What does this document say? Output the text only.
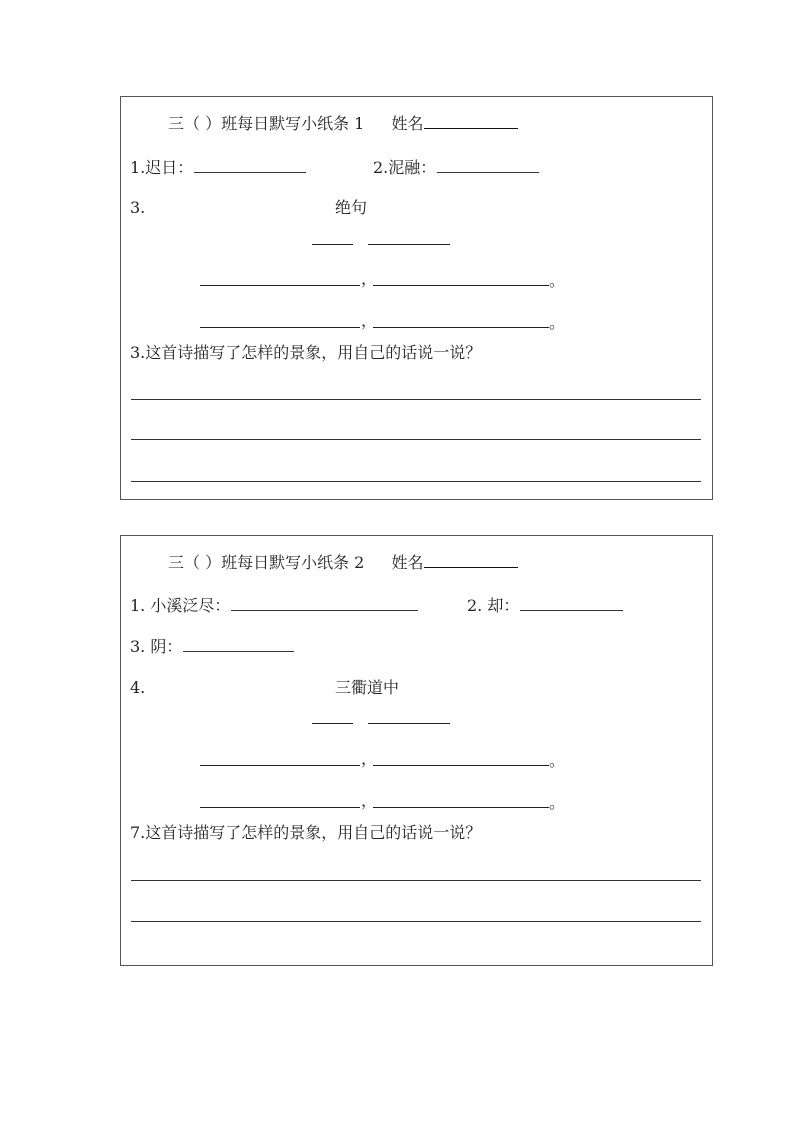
三（ ）班每日默写小纸条 1 姓名
1.迟日：	2.泥融：
3.	绝句
，	。
，	。
3.这首诗描写了怎样的景象，用自己的话说一说？
三（ ）班每日默写小纸条 2 姓名
1. 小溪泛尽：	2. 却：
3. 阴：
4.	三衢道中
，	。
，	。
7.这首诗描写了怎样的景象，用自己的话说一说？
